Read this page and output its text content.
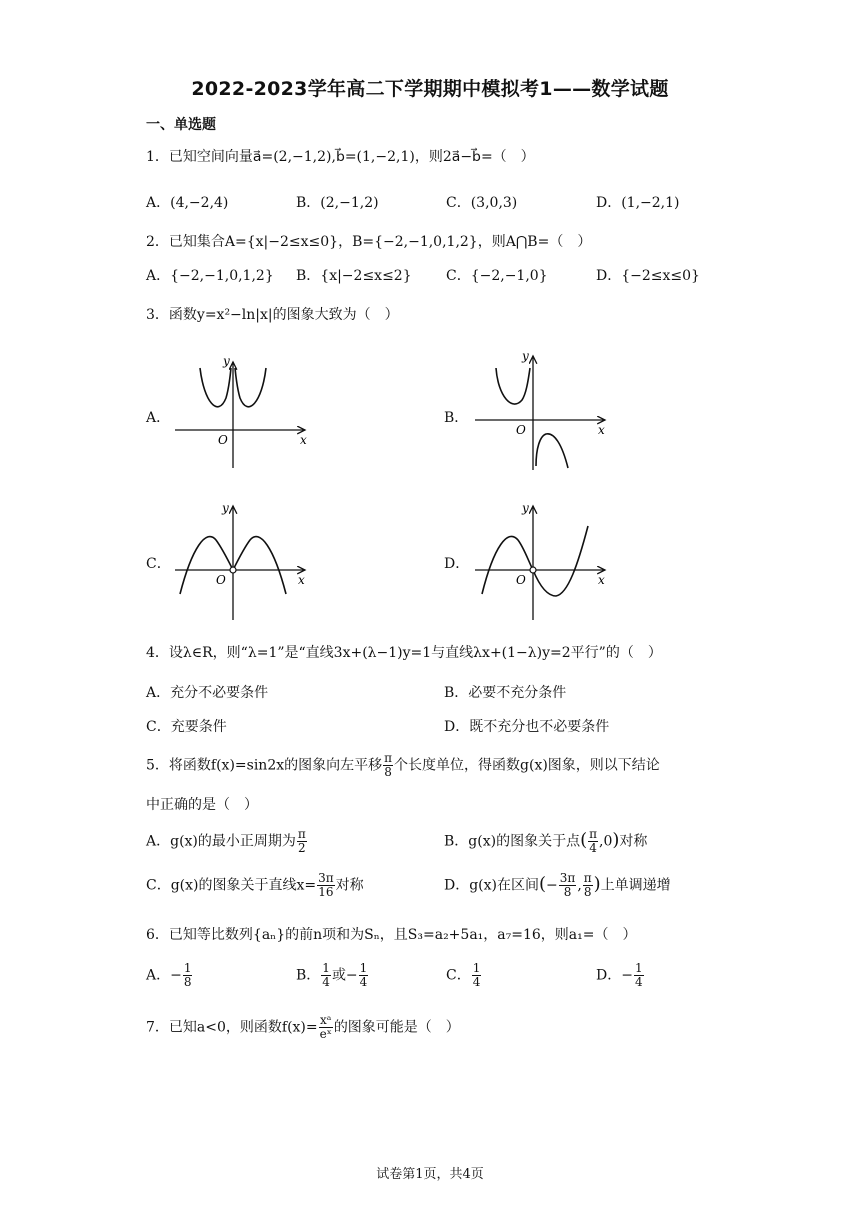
2022-2023学年高二下学期期中模拟考1——数学试题
一、单选题
1．已知空间向量a⃗=(2,−1,2),b⃗=(1,−2,1)，则2a⃗−b⃗=（　）
A．(4,−2,4)	B．(2,−1,2)	C．(3,0,3)	D．(1,−2,1)
2．已知集合A={x|−2≤x≤0}，B={−2,−1,0,1,2}，则A⋂B=（　）
A．{−2,−1,0,1,2} B．{x|−2≤x≤2} C．{−2,−1,0}	D．{−2≤x≤0}
3．函数y=x²−ln|x|的图象大致为（　）
A．	B．
C．	D．
y
x
O
y
x
O
y
x
O
y
x
O
4．设λ∈R，则“λ=1”是“直线3x+(λ−1)y=1与直线λx+(1−λ)y=2平行”的（　）
A．充分不必要条件	B．必要不充分条件
C．充要条件	D．既不充分也不必要条件
5．将函数f(x)=sin2x的图象向左平移 $\frac{\pi}{8}$ 个长度单位，得函数g(x)图象，则以下结论
中正确的是（　）
A．g(x)的最小正周期为 $\frac{\pi}{2}$	B．g(x)的图象关于点( $\frac{\pi}{4} ,0$)对称
C．g(x)的图象关于直线$x= \frac{3\pi}{16}$ 对称	D．g(x)在区间(− $\frac{3\pi}{8}$ , $\frac{\pi}{8}$ )上单调递增
6．已知等比数列{aₙ}的前n项和为Sₙ，且S₃=a₂+5a₁，a₇=16，则a₁=（　）
A．− $\frac{1}{8}$	B． $\frac{1}{4}$ 或− $\frac{1}{4}$	C． $\frac{1}{4}$	D．− $\frac{1}{4}$
7．已知a<0，则函数$f(x)= \frac{\text{xᵃ}}{\text{eˣ}}$ 的图象可能是（　）
试卷第1页，共4页
